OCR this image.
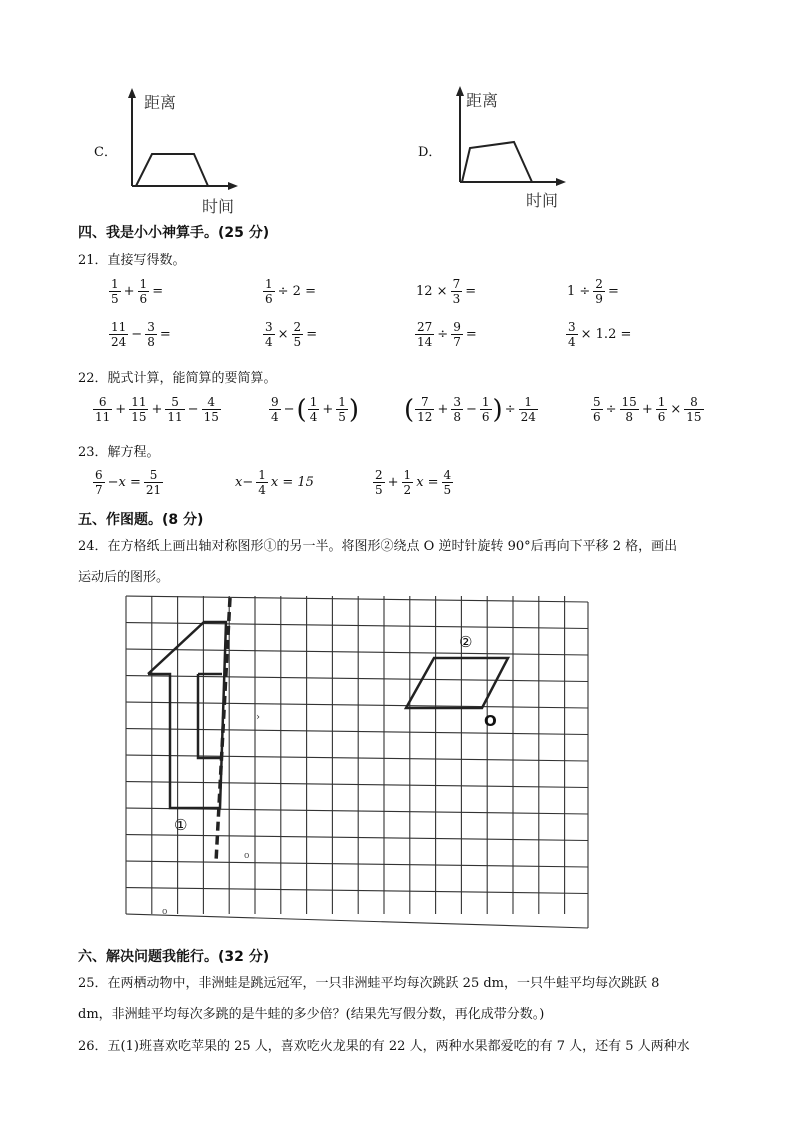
C．
距离
时间
D．
距离
时间
四、我是小小神算手。(25 分)
21．直接写得数。
$\frac{1}{5} + \frac{1}{6}$ =	$\frac{1}{6} \div 2$ =	$12 \times \frac{7}{3}$ =	$1 \div \frac{2}{9}$ =
$\frac{11}{24} - \frac{3}{8}$ =	$\frac{3}{4} \times \frac{2}{5}$ =	$\frac{27}{14} \div \frac{9}{7}$ =	$\frac{3}{4} \times 1.2$ =
22．脱式计算，能简算的要简算。
$\frac{6}{11} + \frac{11}{15} + \frac{5}{11} - \frac{4}{15}$	$\frac{9}{4}$ − ( $\frac{1}{4} + \frac{1}{5}$ ) ( $\frac{7}{12} + \frac{3}{8} - \frac{1}{6}$ ) ÷ $\frac{1}{24}$	$\frac{5}{6} \div \frac{15}{8} + \frac{1}{6} \times \frac{8}{15}$
23．解方程。
$\frac{6}{7} -x = \frac{5}{21}$	$x- \frac{1}{4}$ x = 15	$\frac{2}{5} + \frac{1}{2}$ $x = \frac{4}{5}$
五、作图题。(8 分)
24．在方格纸上画出轴对称图形①的另一半。将图形②绕点 O 逆时针旋转 90°后再向下平移 2 格，画出
运动后的图形。
›
o
o
①
②
O
六、解决问题我能行。(32 分)
25．在两栖动物中，非洲蛙是跳远冠军，一只非洲蛙平均每次跳跃 25 dm，一只牛蛙平均每次跳跃 8
dm，非洲蛙平均每次多跳的是牛蛙的多少倍？(结果先写假分数，再化成带分数。)
26．五(1)班喜欢吃苹果的 25 人，喜欢吃火龙果的有 22 人，两种水果都爱吃的有 7 人，还有 5 人两种水
